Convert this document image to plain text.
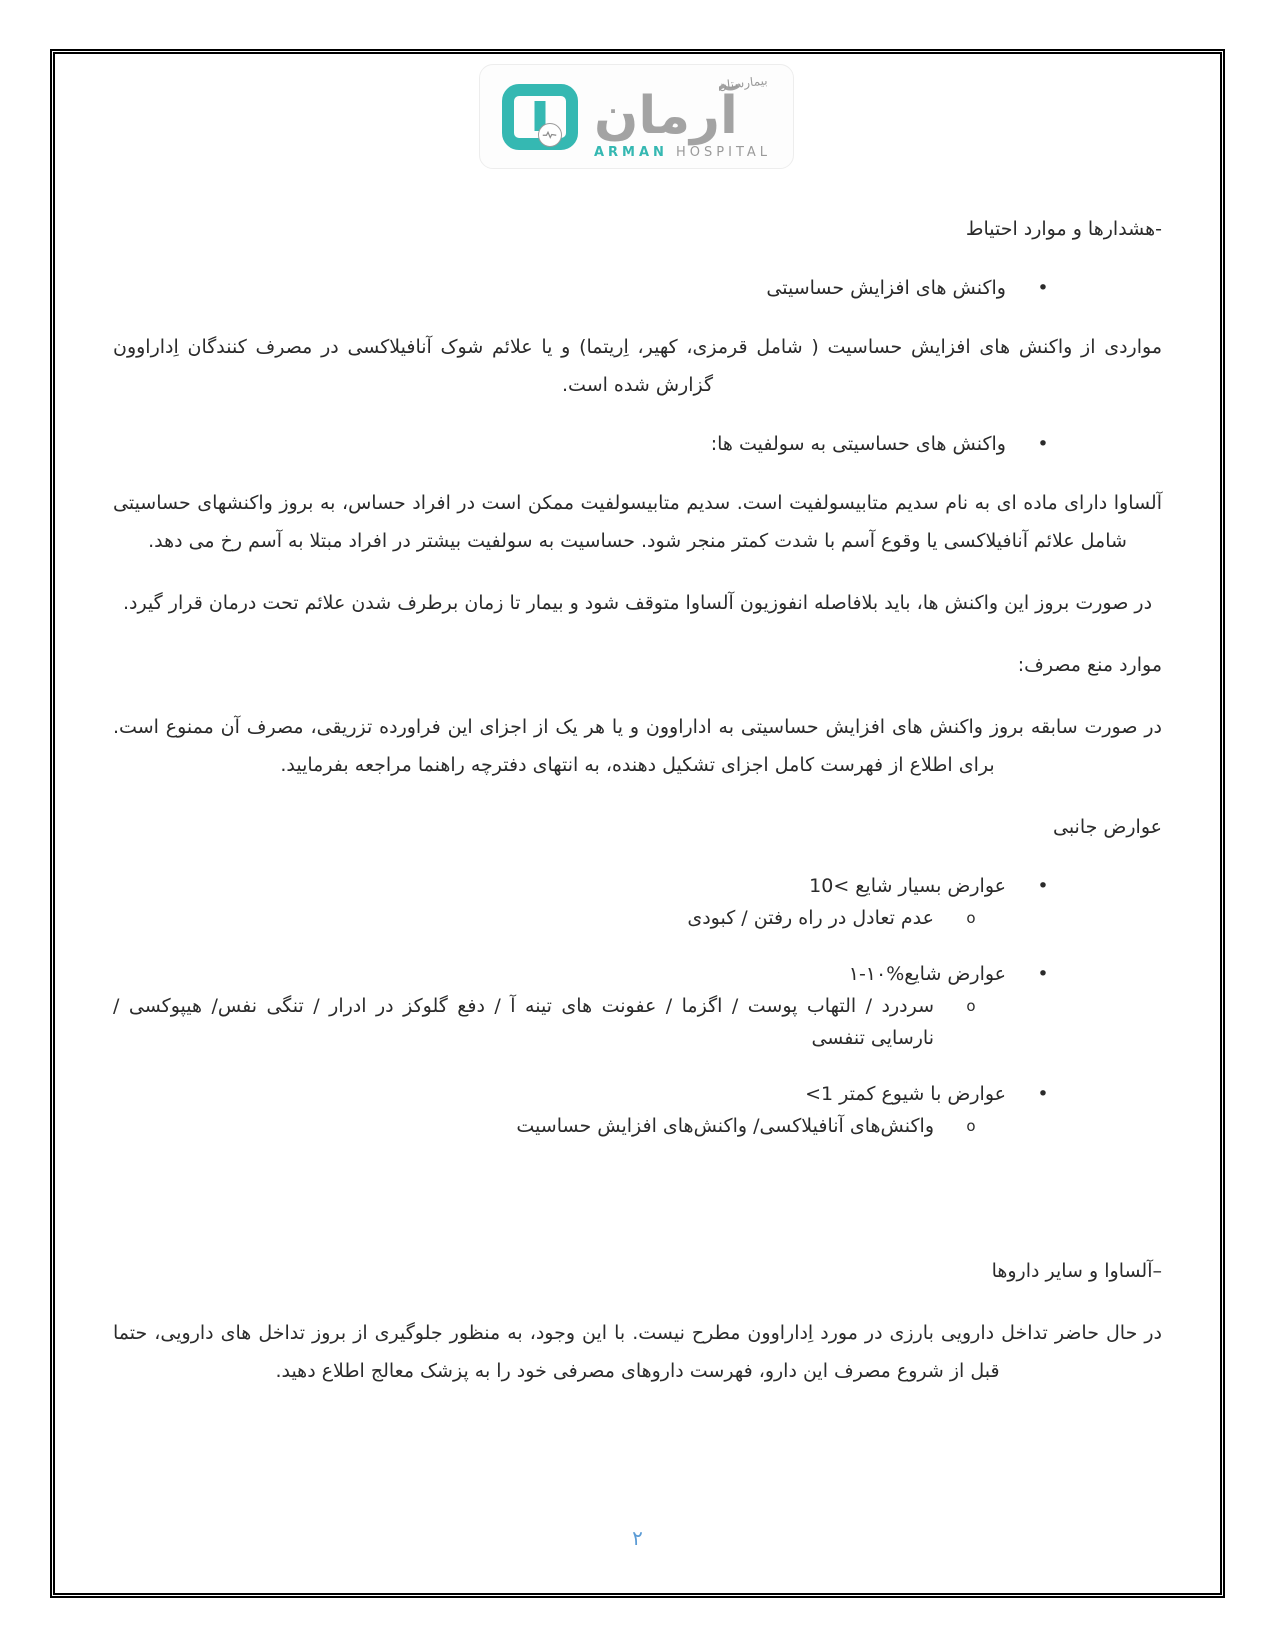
بیمارستان
آرمان
ARMAN HOSPITAL
-هشدارها و موارد احتیاط
•
واکنش های افزایش حساسیتی
مواردی از واکنش های افزایش حساسیت ( شامل قرمزی، کهیر، اِریتما) و یا علائم شوک آنافیلاکسی در مصرف کنندگان اِداراوون گزارش شده است.
•
واکنش های حساسیتی به سولفیت ها:
آلساوا دارای ماده ای به نام سدیم متابیسولفیت است. سدیم متابیسولفیت ممکن است در افراد حساس، به بروز واکنشهای حساسیتی شامل علائم آنافیلاکسی یا وقوع آسم با شدت کمتر منجر شود. حساسیت به سولفیت بیشتر در افراد مبتلا به آسم رخ می دهد.
در صورت بروز این واکنش ها، باید بلافاصله انفوزیون آلساوا متوقف شود و بیمار تا زمان برطرف شدن علائم تحت درمان قرار گیرد.
موارد منع مصرف:
در صورت سابقه بروز واکنش های افزایش حساسیتی به اداراوون و یا هر یک از اجزای این فراورده تزریقی، مصرف آن ممنوع است. برای اطلاع از فهرست کامل اجزای تشکیل دهنده، به انتهای دفترچه راهنما مراجعه بفرمایید.
عوارض جانبی
•
عوارض بسیار شایع >10
o
عدم تعادل در راه رفتن / کبودی
•
عوارض شایع%۱۰-۱
o
سردرد / التهاب پوست / اگزما / عفونت های تینه آ / دفع گلوکز در ادرار / تنگی نفس/ هیپوکسی / نارسایی تنفسی
•
عوارض با شیوع کمتر 1>
o
واکنش‌های آنافیلاکسی/ واکنش‌های افزایش حساسیت
–آلساوا و سایر داروها
در حال حاضر تداخل دارویی بارزی در مورد اِداراوون مطرح نیست. با این وجود، به منظور جلوگیری از بروز تداخل های دارویی، حتما قبل از شروع مصرف این دارو، فهرست داروهای مصرفی خود را به پزشک معالج اطلاع دهید.
۲
